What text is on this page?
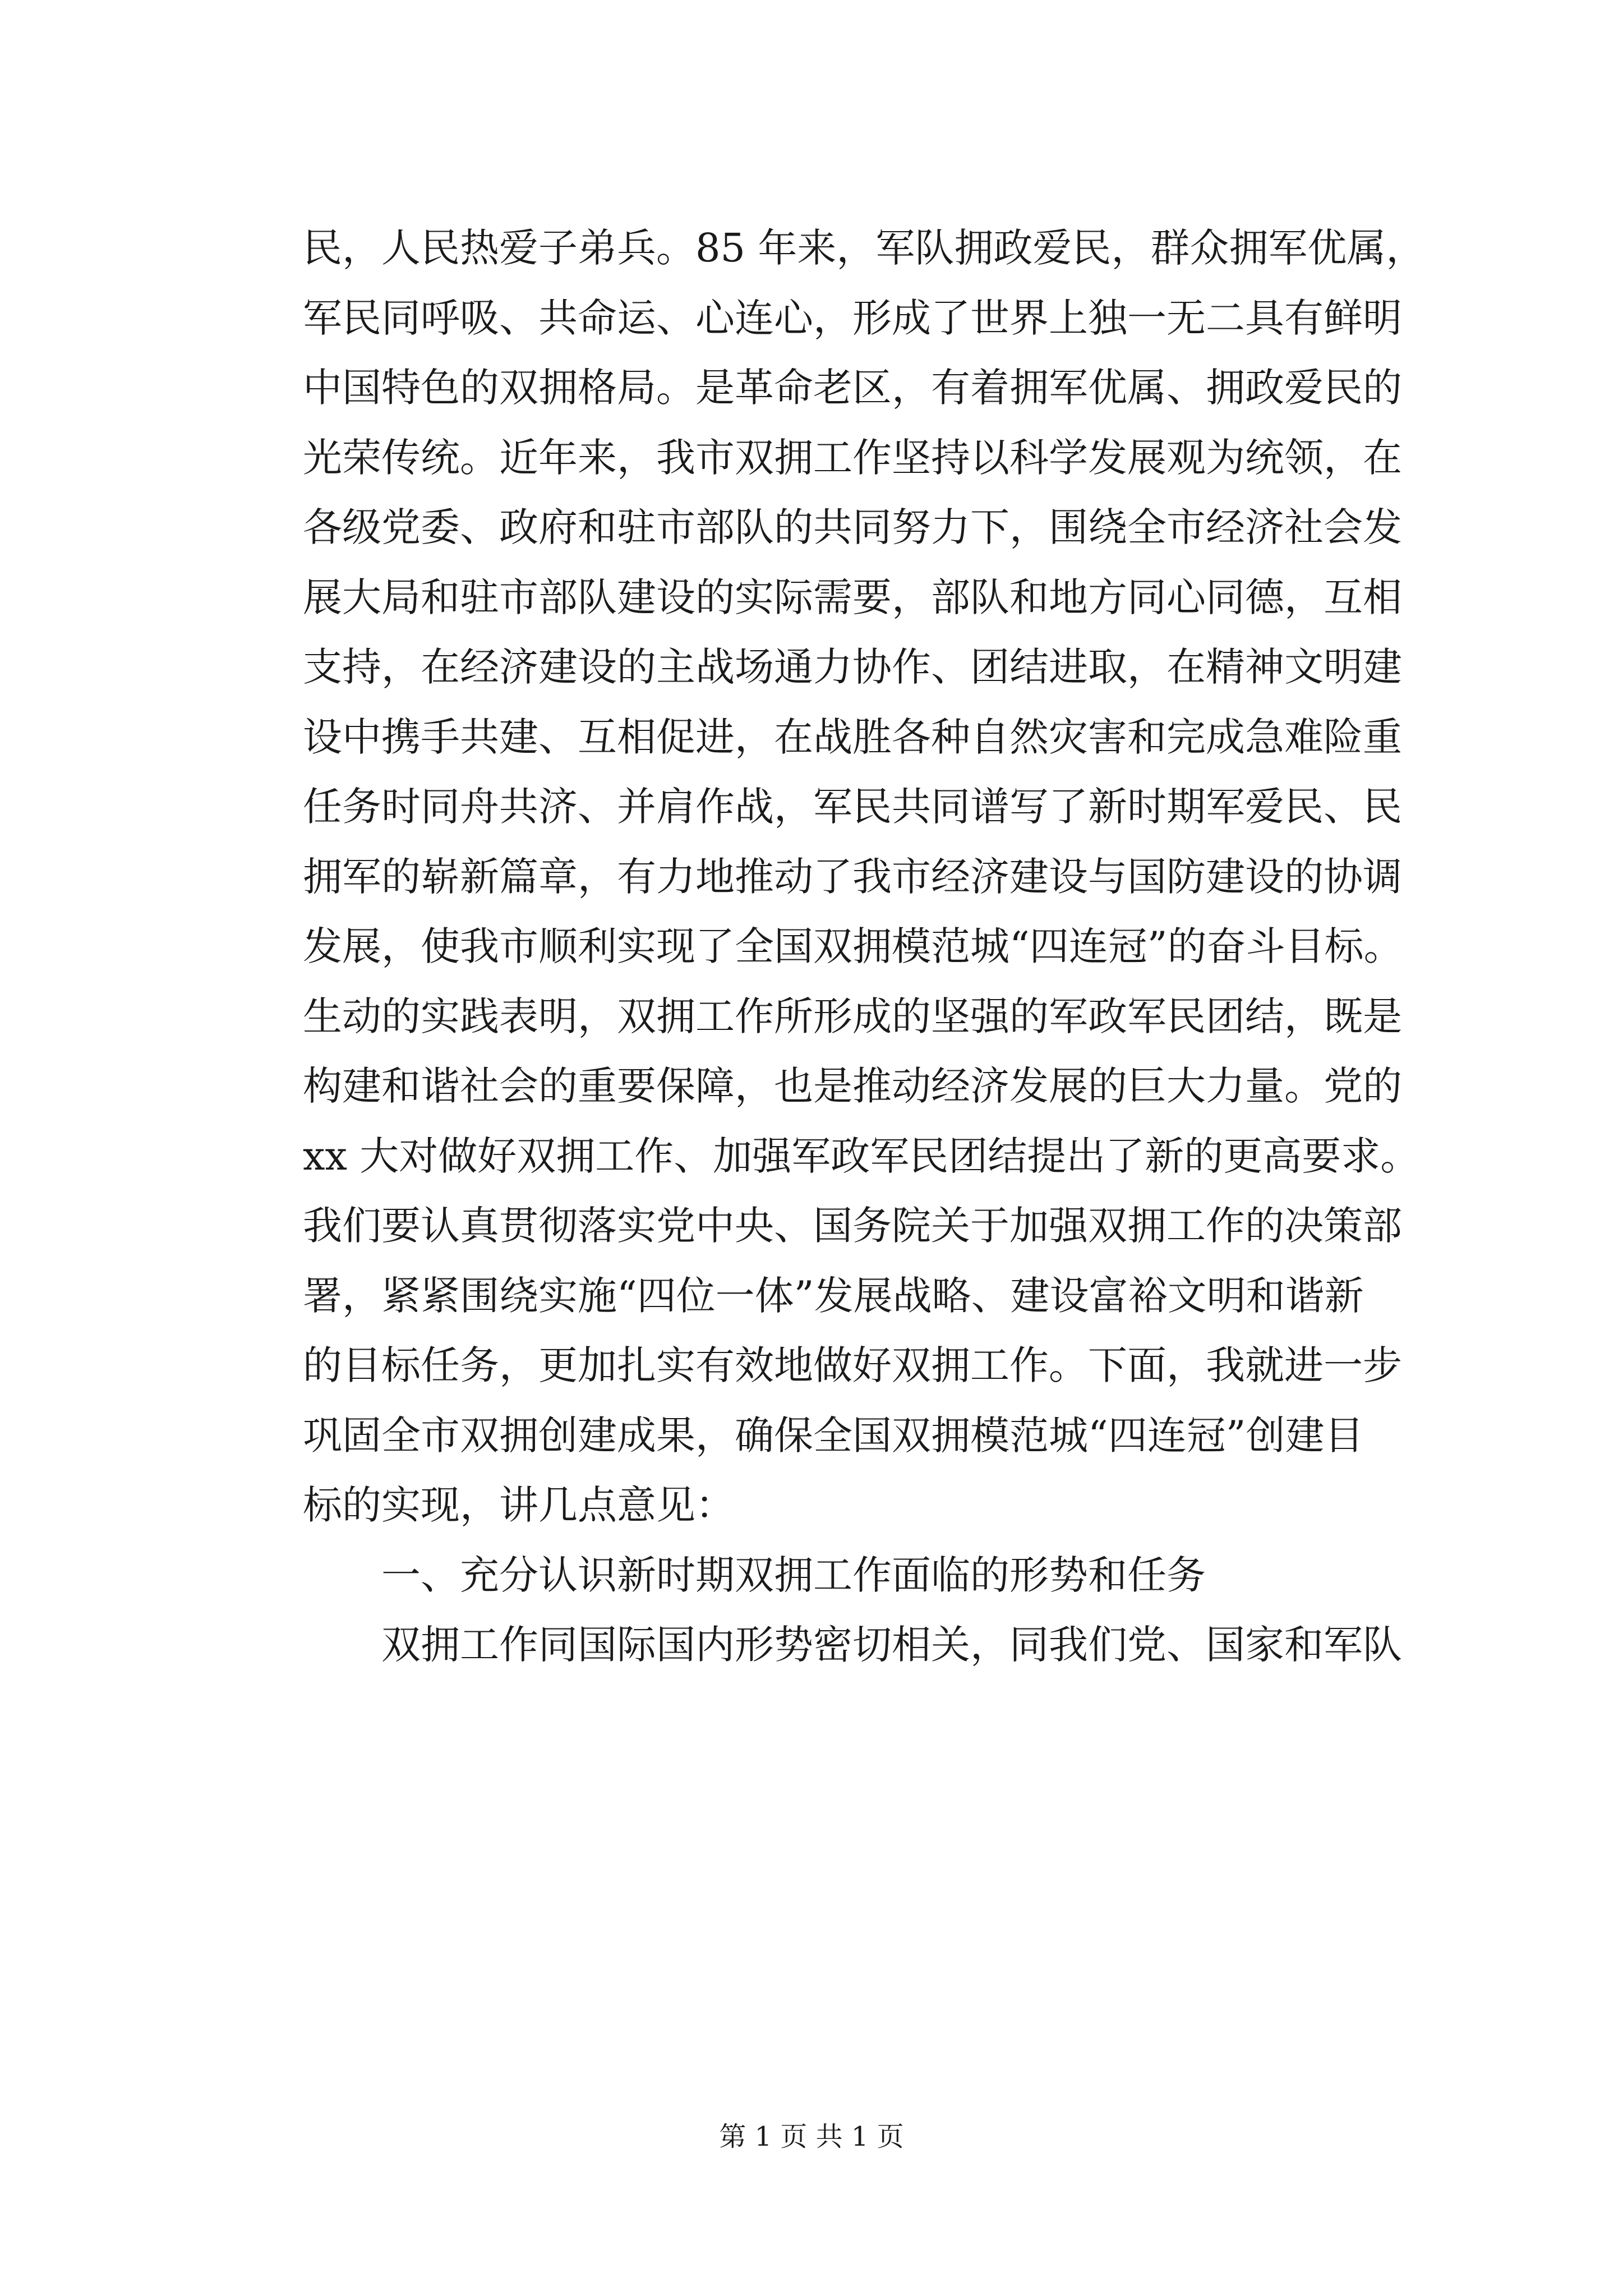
民，人民热爱子弟兵。85 年来，军队拥政爱民，群众拥军优属，

军民同呼吸、共命运、心连心，形成了世界上独一无二具有鲜明

中国特色的双拥格局。是革命老区，有着拥军优属、拥政爱民的

光荣传统。近年来，我市双拥工作坚持以科学发展观为统领，在

各级党委、政府和驻市部队的共同努力下，围绕全市经济社会发

展大局和驻市部队建设的实际需要，部队和地方同心同德，互相

支持，在经济建设的主战场通力协作、团结进取，在精神文明建

设中携手共建、互相促进，在战胜各种自然灾害和完成急难险重

任务时同舟共济、并肩作战，军民共同谱写了新时期军爱民、民

拥军的崭新篇章，有力地推动了我市经济建设与国防建设的协调

发展，使我市顺利实现了全国双拥模范城“四连冠”的奋斗目标。

生动的实践表明，双拥工作所形成的坚强的军政军民团结，既是

构建和谐社会的重要保障，也是推动经济发展的巨大力量。党的

xx 大对做好双拥工作、加强军政军民团结提出了新的更高要求。

我们要认真贯彻落实党中央、国务院关于加强双拥工作的决策部

署，紧紧围绕实施“四位一体”发展战略、建设富裕文明和谐新

的目标任务，更加扎实有效地做好双拥工作。下面，我就进一步

巩固全市双拥创建成果，确保全国双拥模范城“四连冠”创建目

标的实现，讲几点意见：

一、充分认识新时期双拥工作面临的形势和任务

双拥工作同国际国内形势密切相关，同我们党、国家和军队

第 1 页 共 1 页
